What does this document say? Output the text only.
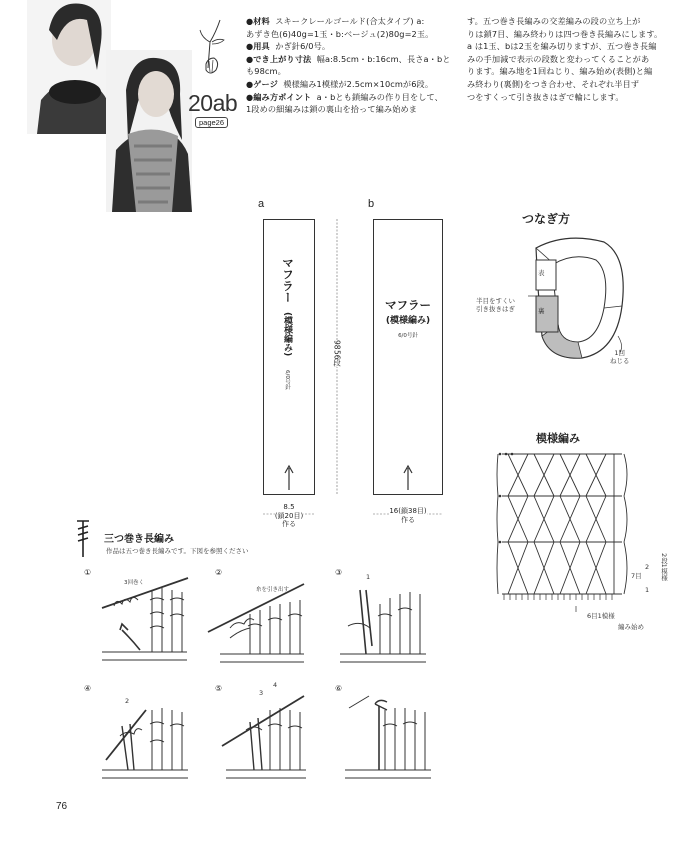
20ab
page26
●材料 スキークレールゴールド(合太タイプ) a:
あずき色(6)40g=1玉・b:ベージュ(2)80g=2玉。
●用具 かぎ針6/0号。
●でき上がり寸法 幅a:8.5cm・b:16cm、長さa・bと
も98cm。
●ゲージ 模様編み1模様が2.5cm×10cmが6段。
●編み方ポイント a・bとも鎖編みの作り目をして、
1段めの細編みは鎖の裏山を拾って編み始めま
す。五つ巻き長編みの交差編みの段の立ち上が
りは鎖7目、編み終わりは四つ巻き長編みにします。
a は1玉、bは2玉を編み切りますが、五つ巻き長編
みの手加減で表示の段数と変わってくることがあ
ります。編み地を1回ねじり、編み始め(表側)と編
み終わり(裏側)をつき合わせ、それぞれ半目ず
つをすくって引き抜きはぎで輪にします。
a
マフラー
(模様編み)
6/0号針
98
56
段
8.5
(鎖20目)
作る
b
マフラー
(模様編み)
6/0号針
16(鎖38目)
作る
つなぎ方
表
裏
半目をすくい
引き抜きはぎ
1回
ねじる
模様編み
2
1
7目
2段1模様
6目1模様
編み始め
三つ巻き長編み
作品は五つ巻き長編みです。下図を参照ください
①
3回巻く
②
糸を引き出す
③	1
④
2
⑤	3
4	⑥
76
